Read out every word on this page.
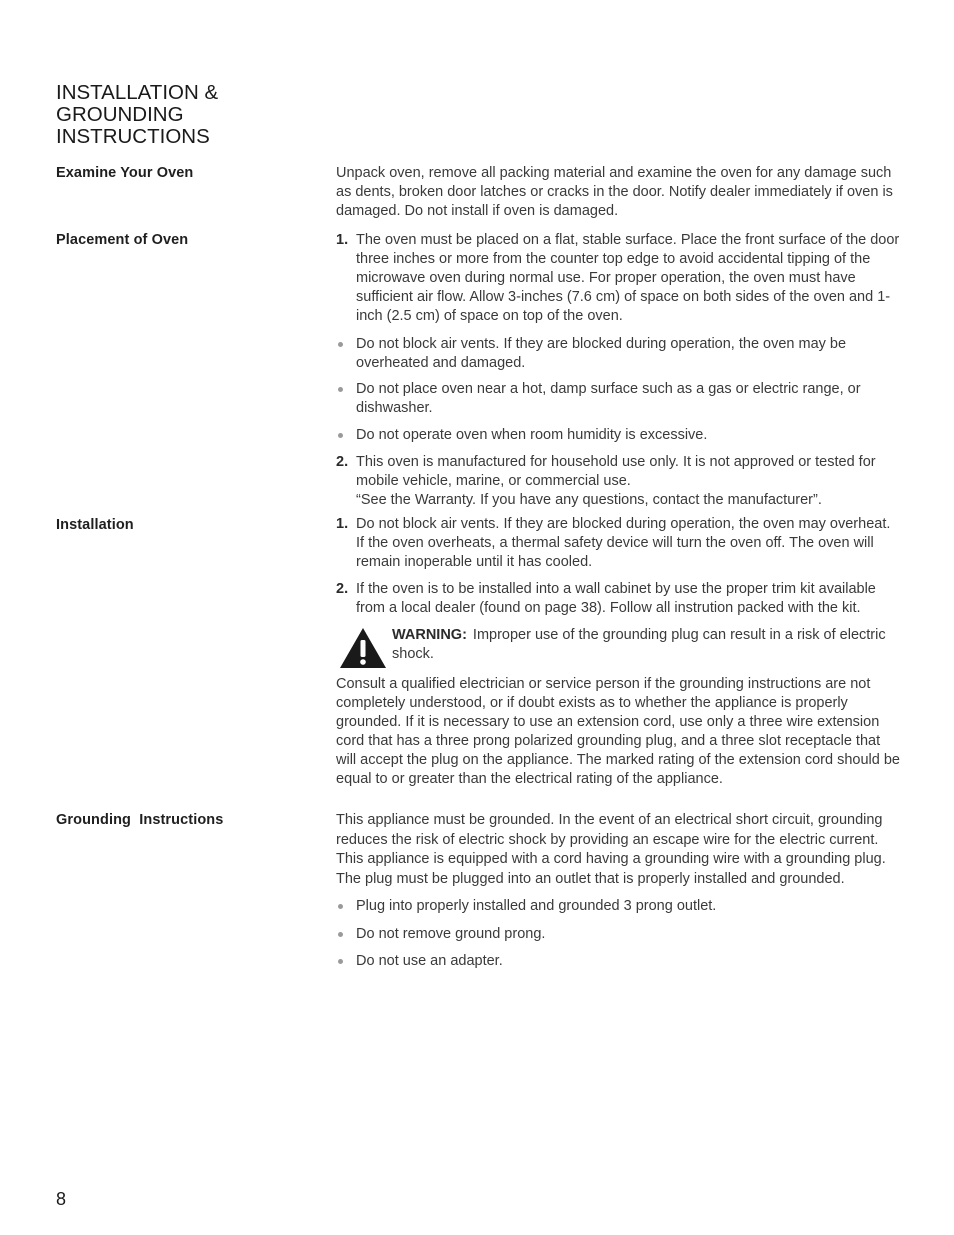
INSTALLATION & GROUNDING INSTRUCTIONS
Examine Your Oven	Unpack oven, remove all packing material and examine the oven for any damage such as dents, broken door latches or cracks in the door. Notify dealer immediately if oven is damaged. Do not install if oven is damaged.

Placement of Oven	1. The oven must be placed on a flat, stable surface. Place the front surface of the door three inches or more from the counter top edge to avoid accidental tipping of the microwave oven during normal use. For proper operation, the oven must have sufficient air flow. Allow 3-inches (7.6 cm) of space on both sides of the oven and 1-inch (2.5 cm) of space on top of the oven.
Do not block air vents. If they are blocked during operation, the oven may be overheated and damaged.
Do not place oven near a hot, damp surface such as a gas or electric range, or dishwasher.
Do not operate oven when room humidity is excessive.
2. This oven is manufactured for household use only. It is not approved or tested for mobile vehicle, marine, or commercial use.
“See the Warranty. If you have any questions, contact the manufacturer”.
Installation	1. Do not block air vents. If they are blocked during operation, the oven may overheat. If the oven overheats, a thermal safety device will turn the oven off. The oven will remain inoperable until it has cooled.
2. If the oven is to be installed into a wall cabinet by use the proper trim kit available from a local dealer (found on page 38). Follow all instrution packed with the kit.
WARNING: Improper use of the grounding plug can result in a risk of electric shock.

Consult a qualified electrician or service person if the grounding instructions are not completely understood, or if doubt exists as to whether the appliance is properly grounded. If it is necessary to use an extension cord, use only a three wire extension cord that has a three prong polarized grounding plug, and a three slot receptacle that will accept the plug on the appliance. The marked rating of the extension cord should be equal to or greater than the electrical rating of the appliance.

Grounding  Instructions	This appliance must be grounded. In the event of an electrical short circuit, grounding reduces the risk of electric shock by providing an escape wire for the electric current. This appliance is equipped with a cord having a grounding wire with a grounding plug. The plug must be plugged into an outlet that is properly installed and grounded.

Plug into properly installed and grounded 3 prong outlet.
Do not remove ground prong.
Do not use an adapter.
8
